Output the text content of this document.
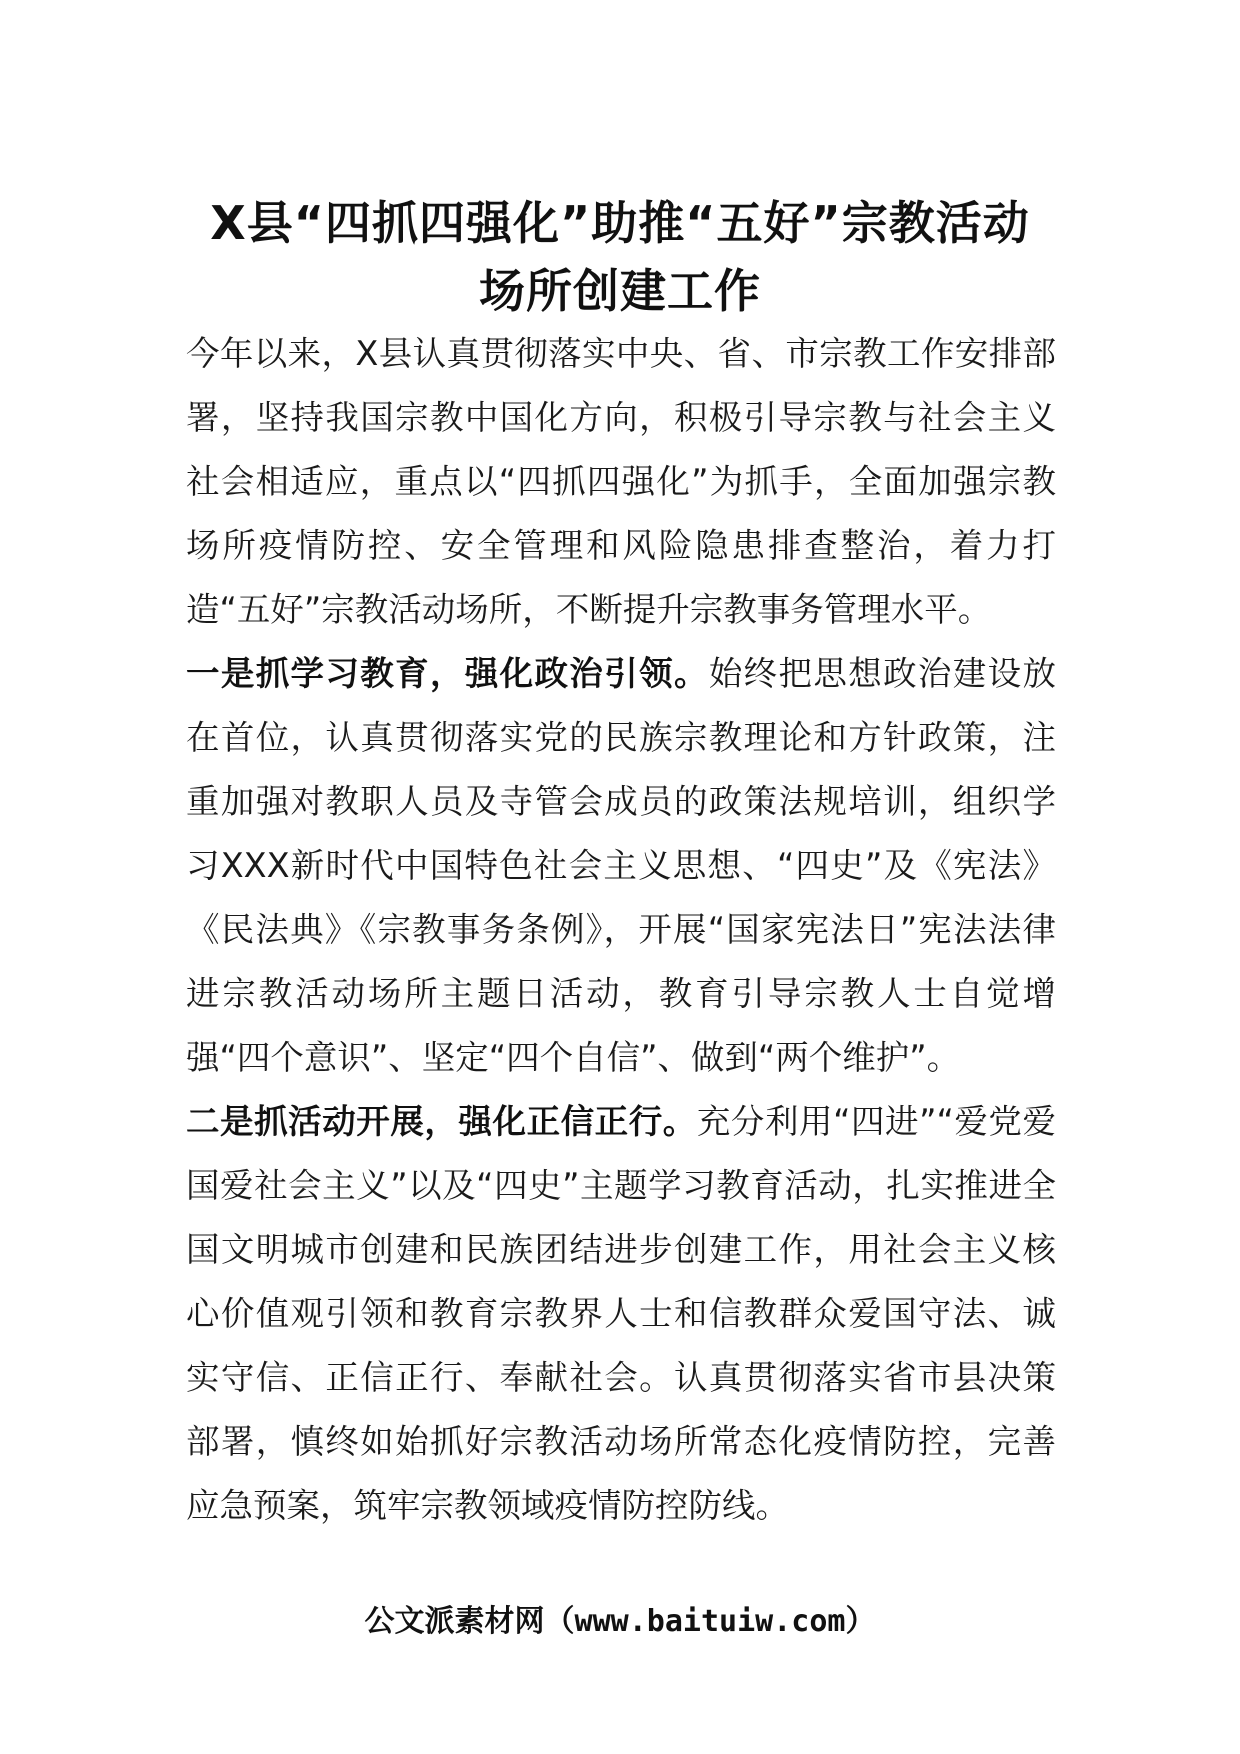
X县“四抓四强化”助推“五好”宗教活动
场所创建工作

今年以来，X县认真贯彻落实中央、省、市宗教工作安排部署，坚持我国宗教中国化方向，积极引导宗教与社会主义社会相适应，重点以“四抓四强化”为抓手，全面加强宗教场所疫情防控、安全管理和风险隐患排查整治，着力打造“五好”宗教活动场所，不断提升宗教事务管理水平。

一是抓学习教育，强化政治引领。始终把思想政治建设放在首位，认真贯彻落实党的民族宗教理论和方针政策，注重加强对教职人员及寺管会成员的政策法规培训，组织学习XXX新时代中国特色社会主义思想、“四史”及《宪法》《民法典》《宗教事务条例》，开展“国家宪法日”宪法法律进宗教活动场所主题日活动，教育引导宗教人士自觉增强“四个意识”、坚定“四个自信”、做到“两个维护”。

二是抓活动开展，强化正信正行。充分利用“四进”“爱党爱国爱社会主义”以及“四史”主题学习教育活动，扎实推进全国文明城市创建和民族团结进步创建工作，用社会主义核心价值观引领和教育宗教界人士和信教群众爱国守法、诚实守信、正信正行、奉献社会。认真贯彻落实省市县决策部署，慎终如始抓好宗教活动场所常态化疫情防控，完善应急预案，筑牢宗教领域疫情防控防线。

公文派素材网（www.baituiw.com）
